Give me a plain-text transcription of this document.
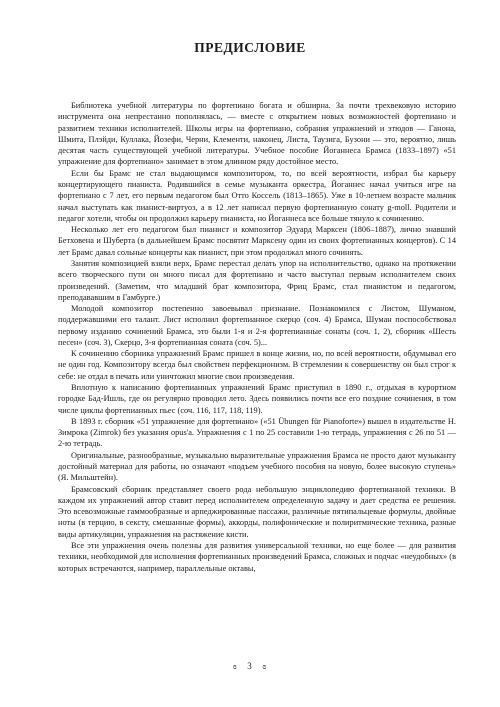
ПРЕДИСЛОВИЕ

Библиотека учебной литературы по фортепиано богата и обширна. За почти трехвековую историю инструмента она непрестанно пополнялась, — вместе с открытием новых возможностей фортепиано и развитием техники исполнителей. Школы игры на фортепиано, собрания упражнений и этюдов — Ганона, Шмита, Плэйди, Куллака, Йозефи, Черни, Клементи, наконец, Листа, Таузига, Бузони — это, вероятно, лишь десятая часть существующей учебной литературы. Учебное пособие Йоганнеса Брамса (1833–1897) «51 упражнение для фортепиано» занимает в этом длинном ряду достойное место.

Если бы Брамс не стал выдающимся композитором, то, по всей вероятности, избрал бы карьеру концертирующего пианиста. Родившийся в семье музыканта оркестра, Йоганнес начал учиться игре на фортепиано с 7 лет, его первым педагогом был Отто Коссель (1813–1865). Уже в 10-летнем возрасте мальчик начал выступать как пианист-виртуоз, а в 12 лет написал первую фортепианную сонату g-moll. Родители и педагог хотели, чтобы он продолжил карьеру пианиста, но Йоганнеса все больше тянуло к сочинению.

Несколько лет его педагогом был пианист и композитор Эдуард Марксен (1806–1887), лично знавший Бетховена и Шуберта (в дальнейшем Брамс посвятит Марксену один из своих фортепианных концертов). С 14 лет Брамс давал сольные концерты как пианист, при этом продолжал много сочинять.

Занятия композицией взяли верх, Брамс перестал делать упор на исполнительство, однако на протяжении всего творческого пути он много писал для фортепиано и часто выступал первым исполнителем своих произведений. (Заметим, что младший брат композитора, Фриц Брамс, стал пианистом и педагогом, преподававшим в Гамбурге.)

Молодой композитор постепенно завоевывал признание. Познакомился с Листом, Шуманом, поддержавшими его талант. Лист исполнил фортепианное скерцо (соч. 4) Брамса, Шуман поспособствовал первому изданию сочинений Брамса, это были 1-я и 2-я фортепианные сонаты (соч. 1, 2), сборник «Шесть песен» (соч. 3), Скерцо, 3-я фортепианная соната (соч. 5)...

К сочинению сборника упражнений Брамс пришел в конце жизни, но, по всей вероятности, обдумывал его не один год. Композитору всегда был свойствен перфекционизм. В стремлении к совершенству он был строг к себе: не отдал в печать или уничтожил многие свои произведения.

Вплотную к написанию фортепианных упражнений Брамс приступил в 1890 г., отдыхая в курортном городке Бад-Ишль, где он регулярно проводил лето. Здесь появились почти все его поздние сочинения, в том числе циклы фортепианных пьес (соч. 116, 117, 118, 119).

В 1893 г. сборник «51 упражнение для фортепиано» («51 Übungen für Pianoforte») вышел в издательстве Н. Зимрока (Zimrok) без указания opus'а. Упражнения с 1 по 25 составили 1-ю тетрадь, упражнения с 26 по 51 — 2-ю тетрадь.

Оригинальные, разнообразные, музыкально выразительные упражнения Брамса не просто дают музыканту достойный материал для работы, но означают «подъем учебного пособия на новую, более высокую ступень» (Я. Мильштейн).

Брамсовский сборник представляет своего рода небольшую энциклопедию фортепианной техники. В каждом их упражнений автор ставит перед исполнителем определенную задачу и дает средства ее решения. Это всевозможные гаммообразные и арпеджированные пассажи, различные пятипальцевые формулы, двойные ноты (в терцию, в сексту, смешанные формы), аккорды, полифонические и полиритмические техника, разные виды артикуляции, упражнения на растяжение кисти.

Все эти упражнения очень полезны для развития универсальной техники, но еще более — для развития техники, необходимой для исполнения фортепианных произведений Брамса, сложных и подчас «неудобных» (в которых встречаются, например, параллельные октавы,

ɞ 3 ɞ
